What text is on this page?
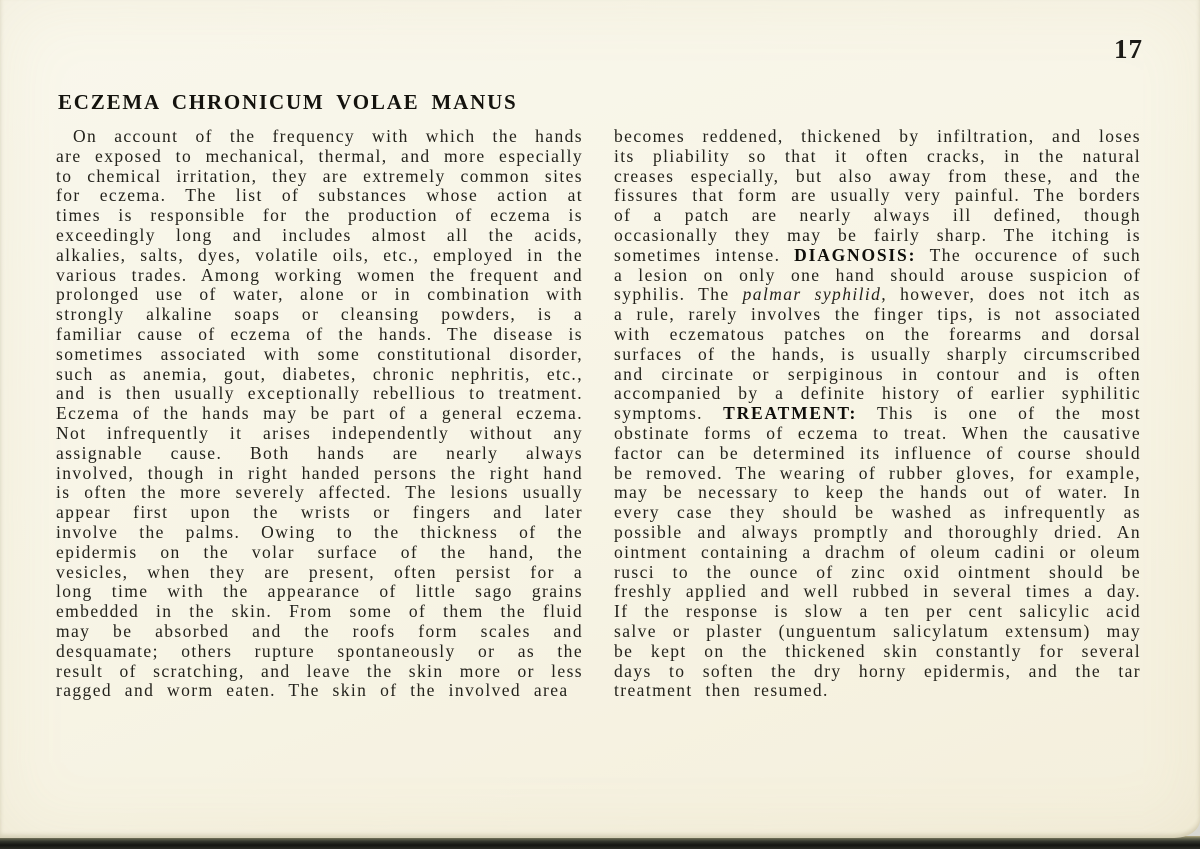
17
ECZEMA CHRONICUM VOLAE MANUS

On account of the frequency with which the hands are exposed to mechanical, thermal, and more especially to chemical irritation, they are extremely common sites for eczema. The list of substances whose action at times is responsible for the production of eczema is exceedingly long and includes almost all the acids, alkalies, salts, dyes, volatile oils, etc., employed in the various trades. Among working women the frequent and prolonged use of water, alone or in combination with strongly alkaline soaps or cleansing powders, is a familiar cause of eczema of the hands. The disease is sometimes associated with some constitutional disorder, such as anemia, gout, diabetes, chronic nephritis, etc., and is then usually exceptionally rebellious to treatment. Eczema of the hands may be part of a general eczema. Not infrequently it arises independently without any assignable cause. Both hands are nearly always involved, though in right handed persons the right hand is often the more severely affected. The lesions usually appear first upon the wrists or fingers and later involve the palms. Owing to the thickness of the epidermis on the volar surface of the hand, the vesicles, when they are present, often persist for a long time with the appearance of little sago grains embedded in the skin. From some of them the fluid may be absorbed and the roofs form scales and desquamate; others rupture spontaneously or as the result of scratching, and leave the skin more or less ragged and worm eaten. The skin of the involved area

becomes reddened, thickened by infiltration, and loses its pliability so that it often cracks, in the natural creases especially, but also away from these, and the fissures that form are usually very painful. The borders of a patch are nearly always ill defined, though occasionally they may be fairly sharp. The itching is sometimes intense. DIAGNOSIS: The occurence of such a lesion on only one hand should arouse suspicion of syphilis. The palmar syphilid, however, does not itch as a rule, rarely involves the finger tips, is not associated with eczematous patches on the forearms and dorsal surfaces of the hands, is usually sharply circumscribed and circinate or serpiginous in contour and is often accompanied by a definite history of earlier syphilitic symptoms. TREATMENT: This is one of the most obstinate forms of eczema to treat. When the causative factor can be determined its influence of course should be removed. The wearing of rubber gloves, for example, may be necessary to keep the hands out of water. In every case they should be washed as infrequently as possible and always promptly and thoroughly dried. An ointment containing a drachm of oleum cadini or oleum rusci to the ounce of zinc oxid ointment should be freshly applied and well rubbed in several times a day. If the response is slow a ten per cent salicylic acid salve or plaster (unguentum salicylatum extensum) may be kept on the thickened skin constantly for several days to soften the dry horny epidermis, and the tar treatment then resumed.
